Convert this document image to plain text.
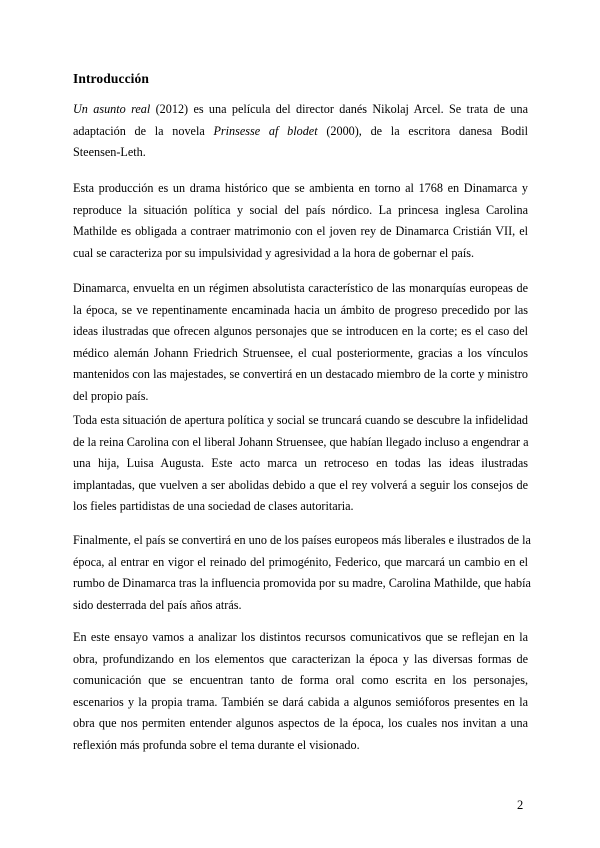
Introducción
Un asunto real (2012) es una película del director danés Nikolaj Arcel. Se trata de una
adaptación de la novela Prinsesse af blodet (2000), de la escritora danesa Bodil
Steensen-Leth.
Esta producción es un drama histórico que se ambienta en torno al 1768 en Dinamarca y
reproduce la situación política y social del país nórdico. La princesa inglesa Carolina
Mathilde es obligada a contraer matrimonio con el joven rey de Dinamarca Cristián VII, el
cual se caracteriza por su impulsividad y agresividad a la hora de gobernar el país.
Dinamarca, envuelta en un régimen absolutista característico de las monarquías europeas de
la época, se ve repentinamente encaminada hacia un ámbito de progreso precedido por las
ideas ilustradas que ofrecen algunos personajes que se introducen en la corte; es el caso del
médico alemán Johann Friedrich Struensee, el cual posteriormente, gracias a los vínculos
mantenidos con las majestades, se convertirá en un destacado miembro de la corte y ministro
del propio país.
Toda esta situación de apertura política y social se truncará cuando se descubre la infidelidad
de la reina Carolina con el liberal Johann Struensee, que habían llegado incluso a engendrar a
una hija, Luisa Augusta. Este acto marca un retroceso en todas las ideas ilustradas
implantadas, que vuelven a ser abolidas debido a que el rey volverá a seguir los consejos de
los fieles partidistas de una sociedad de clases autoritaria.
Finalmente, el país se convertirá en uno de los países europeos más liberales e ilustrados de la
época, al entrar en vigor el reinado del primogénito, Federico, que marcará un cambio en el
rumbo de Dinamarca tras la influencia promovida por su madre, Carolina Mathilde, que había
sido desterrada del país años atrás.
En este ensayo vamos a analizar los distintos recursos comunicativos que se reflejan en la
obra, profundizando en los elementos que caracterizan la época y las diversas formas de
comunicación que se encuentran tanto de forma oral como escrita en los personajes,
escenarios y la propia trama. También se dará cabida a algunos semióforos presentes en la
obra que nos permiten entender algunos aspectos de la época, los cuales nos invitan a una
reflexión más profunda sobre el tema durante el visionado.
2
